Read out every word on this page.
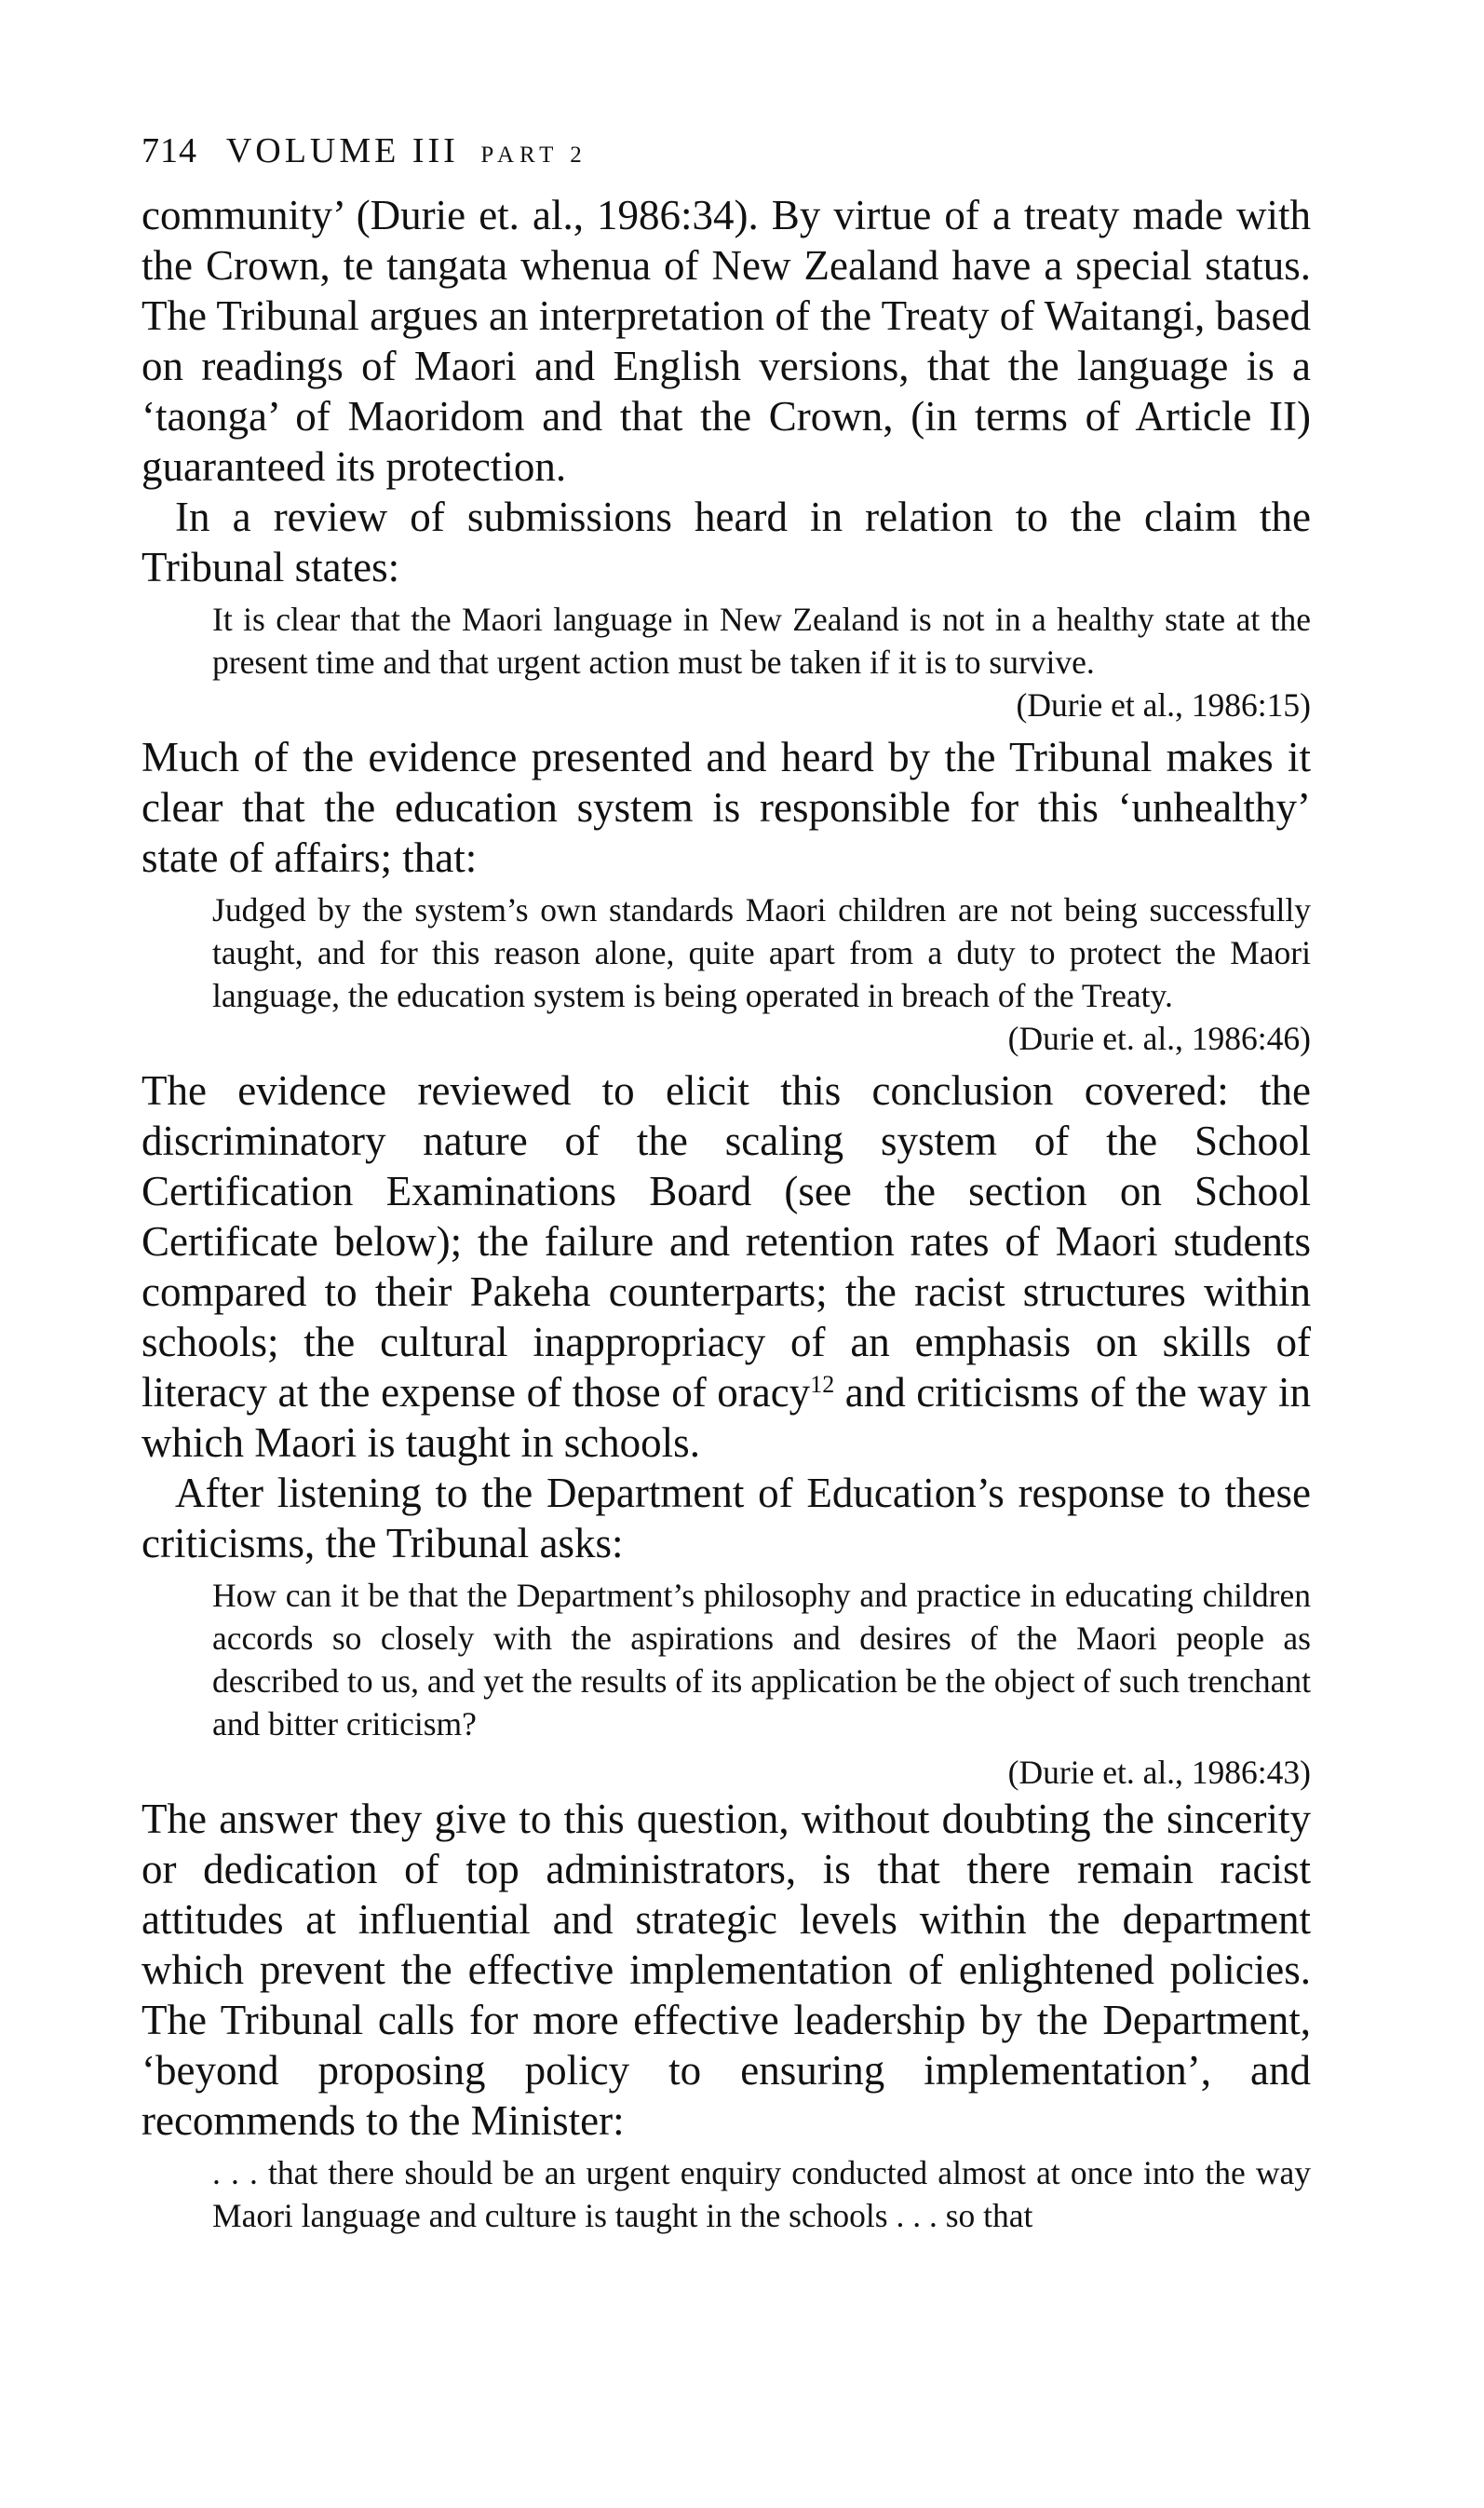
714 VOLUME III PART 2

community’ (Durie et. al., 1986:34). By virtue of a treaty made with the Crown, te tangata whenua of New Zealand have a special status. The Tribunal argues an interpretation of the Treaty of Waitangi, based on readings of Maori and English versions, that the language is a ‘taonga’ of Maoridom and that the Crown, (in terms of Article II) guaranteed its protection.

In a review of submissions heard in relation to the claim the Tribunal states:

It is clear that the Maori language in New Zealand is not in a healthy state at the present time and that urgent action must be taken if it is to survive.
(Durie et al., 1986:15)

Much of the evidence presented and heard by the Tribunal makes it clear that the education system is responsible for this ‘unhealthy’ state of affairs; that:

Judged by the system’s own standards Maori children are not being successfully taught, and for this reason alone, quite apart from a duty to protect the Maori language, the education system is being operated in breach of the Treaty.
(Durie et. al., 1986:46)

The evidence reviewed to elicit this conclusion covered: the discriminatory nature of the scaling system of the School Certification Examinations Board (see the section on School Certificate below); the failure and retention rates of Maori students compared to their Pakeha counterparts; the racist structures within schools; the cultural inappropriacy of an emphasis on skills of literacy at the expense of those of oracy$^{12}$ and criticisms of the way in which Maori is taught in schools.

After listening to the Department of Education’s response to these criticisms, the Tribunal asks:

How can it be that the Department’s philosophy and practice in educating children accords so closely with the aspirations and desires of the Maori people as described to us, and yet the results of its application be the object of such trenchant and bitter criticism?
(Durie et. al., 1986:43)

The answer they give to this question, without doubting the sincerity or dedication of top administrators, is that there remain racist attitudes at influential and strategic levels within the department which prevent the effective implementation of enlightened policies. The Tribunal calls for more effective leadership by the Department, ‘beyond proposing policy to ensuring implementation’, and recommends to the Minister:

. . . that there should be an urgent enquiry conducted almost at once into the way Maori language and culture is taught in the schools . . . so that
